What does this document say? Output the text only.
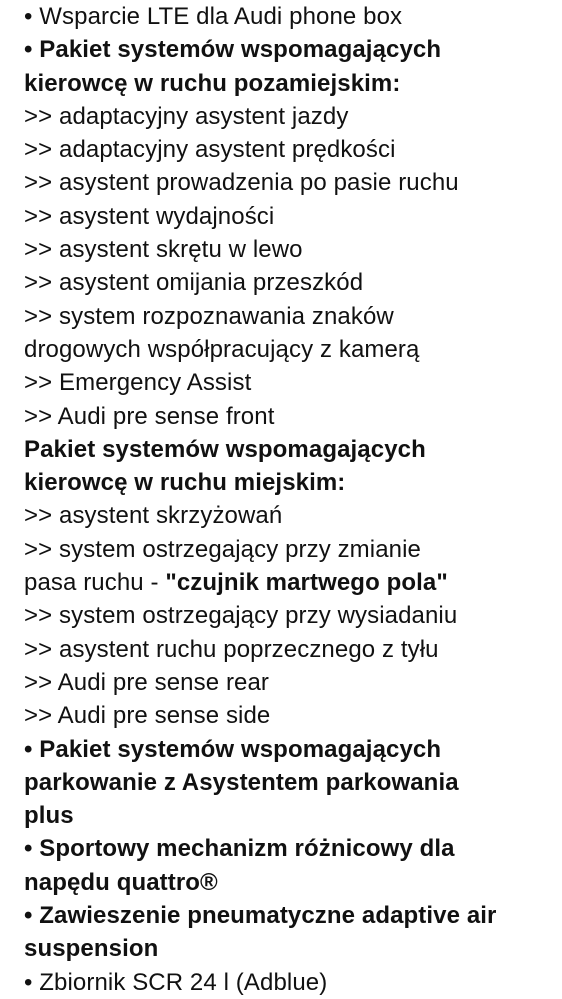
• Wsparcie LTE dla Audi phone box
• Pakiet systemów wspomagających
kierowcę w ruchu pozamiejskim:
>> adaptacyjny asystent jazdy
>> adaptacyjny asystent prędkości
>> asystent prowadzenia po pasie ruchu
>> asystent wydajności
>> asystent skrętu w lewo
>> asystent omijania przeszkód
>> system rozpoznawania znaków
drogowych współpracujący z kamerą
>> Emergency Assist
>> Audi pre sense front
Pakiet systemów wspomagających
kierowcę w ruchu miejskim:
>> asystent skrzyżowań
>> system ostrzegający przy zmianie
pasa ruchu - "czujnik martwego pola"
>> system ostrzegający przy wysiadaniu
>> asystent ruchu poprzecznego z tyłu
>> Audi pre sense rear
>> Audi pre sense side
• Pakiet systemów wspomagających
parkowanie z Asystentem parkowania
plus
• Sportowy mechanizm różnicowy dla
napędu quattro®
• Zawieszenie pneumatyczne adaptive air
suspension
• Zbiornik SCR 24 l (Adblue)
